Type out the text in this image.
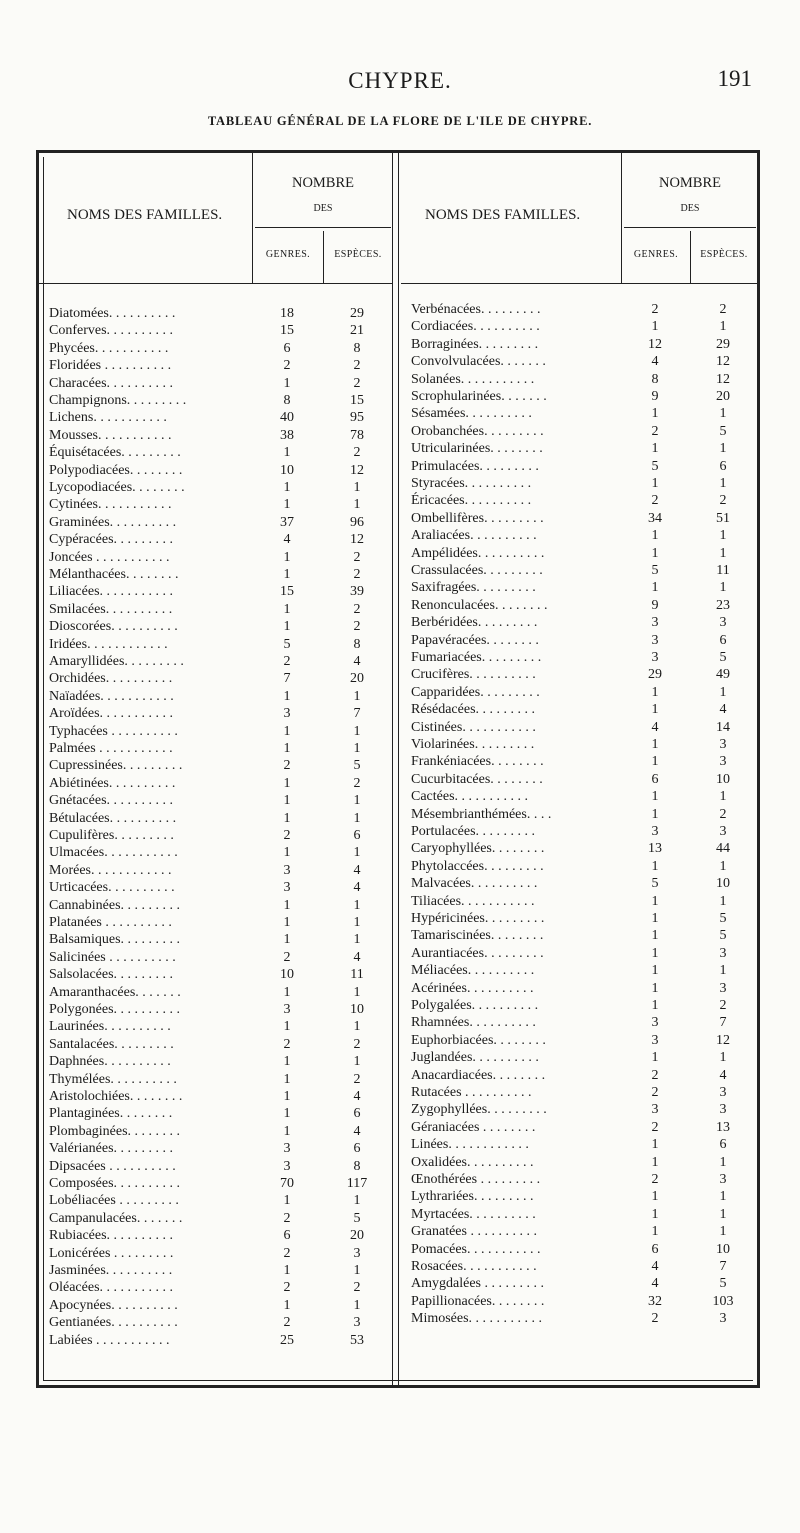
CHYPRE.	191
TABLEAU GÉNÉRAL DE LA FLORE DE L'ILE DE CHYPRE.
NOMS DES FAMILLES.
NOMBRE
DES
GENRES.	ESPÈCES.
Diatomées. . . . . . . . . .	18	29
Conferves. . . . . . . . . .	15	21
Phycées. . . . . . . . . . .	6	8
Floridées . . . . . . . . . .	2	2
Characées. . . . . . . . . .	1	2
Champignons. . . . . . . . .	8	15
Lichens. . . . . . . . . . .	40	95
Mousses. . . . . . . . . . .	38	78
Équisétacées. . . . . . . . .	1	2
Polypodiacées. . . . . . . .	10	12
Lycopodiacées. . . . . . . .	1	1
Cytinées. . . . . . . . . . .	1	1
Graminées. . . . . . . . . .	37	96
Cypéracées. . . . . . . . .	4	12
Joncées . . . . . . . . . . .	1	2
Mélanthacées. . . . . . . .	1	2
Liliacées. . . . . . . . . . .	15	39
Smilacées. . . . . . . . . .	1	2
Dioscorées. . . . . . . . . .	1	2
Iridées. . . . . . . . . . . .	5	8
Amaryllidées. . . . . . . . .	2	4
Orchidées. . . . . . . . . .	7	20
Naïadées. . . . . . . . . . .	1	1
Aroïdées. . . . . . . . . . .	3	7
Typhacées . . . . . . . . . .	1	1
Palmées . . . . . . . . . . .	1	1
Cupressinées. . . . . . . . .	2	5
Abiétinées. . . . . . . . . .	1	2
Gnétacées. . . . . . . . . .	1	1
Bétulacées. . . . . . . . . .	1	1
Cupulifères. . . . . . . . .	2	6
Ulmacées. . . . . . . . . . .	1	1
Morées. . . . . . . . . . . .	3	4
Urticacées. . . . . . . . . .	3	4
Cannabinées. . . . . . . . .	1	1
Platanées . . . . . . . . . .	1	1
Balsamiques. . . . . . . . .	1	1
Salicinées . . . . . . . . . .	2	4
Salsolacées. . . . . . . . .	10	11
Amaranthacées. . . . . . .	1	1
Polygonées. . . . . . . . . .	3	10
Laurinées. . . . . . . . . .	1	1
Santalacées. . . . . . . . .	2	2
Daphnées. . . . . . . . . .	1	1
Thymélées. . . . . . . . . .	1	2
Aristolochiées. . . . . . . .	1	4
Plantaginées. . . . . . . .	1	6
Plombaginées. . . . . . . .	1	4
Valérianées. . . . . . . . .	3	6
Dipsacées . . . . . . . . . .	3	8
Composées. . . . . . . . . .	70	117
Lobéliacées . . . . . . . . .	1	1
Campanulacées. . . . . . .	2	5
Rubiacées. . . . . . . . . .	6	20
Lonicérées . . . . . . . . .	2	3
Jasminées. . . . . . . . . .	1	1
Oléacées. . . . . . . . . . .	2	2
Apocynées. . . . . . . . . .	1	1
Gentianées. . . . . . . . . .	2	3
Labiées . . . . . . . . . . .	25	53
NOMS DES FAMILLES.
NOMBRE
DES
GENRES.	ESPÈCES.
Verbénacées. . . . . . . . .	2	2
Cordiacées. . . . . . . . . .	1	1
Borraginées. . . . . . . . .	12	29
Convolvulacées. . . . . . .	4	12
Solanées. . . . . . . . . . .	8	12
Scrophularinées. . . . . . .	9	20
Sésamées. . . . . . . . . .	1	1
Orobanchées. . . . . . . . .	2	5
Utricularinées. . . . . . . .	1	1
Primulacées. . . . . . . . .	5	6
Styracées. . . . . . . . . .	1	1
Éricacées. . . . . . . . . .	2	2
Ombellifères. . . . . . . . .	34	51
Araliacées. . . . . . . . . .	1	1
Ampélidées. . . . . . . . . .	1	1
Crassulacées. . . . . . . . .	5	11
Saxifragées. . . . . . . . .	1	1
Renonculacées. . . . . . . .	9	23
Berbéridées. . . . . . . . .	3	3
Papavéracées. . . . . . . .	3	6
Fumariacées. . . . . . . . .	3	5
Crucifères. . . . . . . . . .	29	49
Capparidées. . . . . . . . .	1	1
Résédacées. . . . . . . . .	1	4
Cistinées. . . . . . . . . . .	4	14
Violarinées. . . . . . . . .	1	3
Frankéniacées. . . . . . . .	1	3
Cucurbitacées. . . . . . . .	6	10
Cactées. . . . . . . . . . .	1	1
Mésembrianthémées. . . .	1	2
Portulacées. . . . . . . . .	3	3
Caryophyllées. . . . . . . .	13	44
Phytolaccées. . . . . . . . .	1	1
Malvacées. . . . . . . . . .	5	10
Tiliacées. . . . . . . . . . .	1	1
Hypéricinées. . . . . . . . .	1	5
Tamariscinées. . . . . . . .	1	5
Aurantiacées. . . . . . . . .	1	3
Méliacées. . . . . . . . . .	1	1
Acérinées. . . . . . . . . .	1	3
Polygalées. . . . . . . . . .	1	2
Rhamnées. . . . . . . . . .	3	7
Euphorbiacées. . . . . . . .	3	12
Juglandées. . . . . . . . . .	1	1
Anacardiacées. . . . . . . .	2	4
Rutacées . . . . . . . . . .	2	3
Zygophyllées. . . . . . . . .	3	3
Géraniacées . . . . . . . .	2	13
Linées. . . . . . . . . . . .	1	6
Oxalidées. . . . . . . . . .	1	1
Œnothérées . . . . . . . . .	2	3
Lythrariées. . . . . . . . .	1	1
Myrtacées. . . . . . . . . .	1	1
Granatées . . . . . . . . . .	1	1
Pomacées. . . . . . . . . . .	6	10
Rosacées. . . . . . . . . . .	4	7
Amygdalées . . . . . . . . .	4	5
Papillionacées. . . . . . . .	32	103
Mimosées. . . . . . . . . . .	2	3
